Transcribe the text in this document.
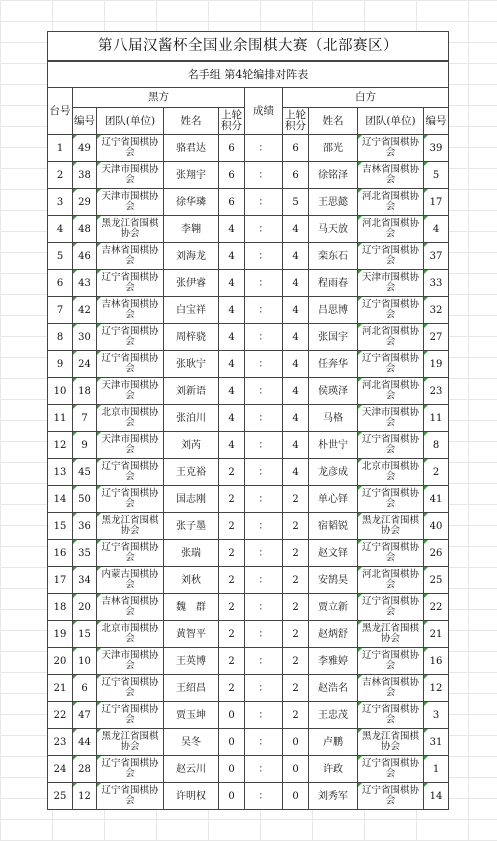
第八届汉酱杯全国业余围棋大赛（北部赛区）									
名手组 第4轮编排对阵表									
台号	黑方				成绩	白方			
	编号	团队(单位)	姓名	上轮积分		上轮积分	姓名	团队(单位)	编号
1	49	辽宁省围棋协会	骆君达	6	：	6	邵光	辽宁省围棋协会	39
2	38	天津市围棋协会	张翔宇	6	：	6	徐铭泽	吉林省围棋协会	5
3	29	天津市围棋协会	徐华璘	6	：	5	王思懿	河北省围棋协会	17
4	48	黑龙江省围棋协会	李翱	4	：	4	马天放	河北省围棋协会	4
5	46	吉林省围棋协会	刘海龙	4	：	4	栾东石	辽宁省围棋协会	37
6	43	辽宁省围棋协会	张伊睿	4	：	4	程雨春	天津市围棋协会	33
7	42	吉林省围棋协会	白宝祥	4	：	4	吕思博	辽宁省围棋协会	32
8	30	辽宁省围棋协会	周梓骁	4	：	4	张国宇	河北省围棋协会	27
9	24	辽宁省围棋协会	张耿宁	4	：	4	任奔华	辽宁省围棋协会	19
10	18	天津市围棋协会	刘新语	4	：	4	侯瑛泽	河北省围棋协会	23
11	7	北京市围棋协会	张泊川	4	：	4	马格	天津市围棋协会	11
12	9	天津市围棋协会	刘芮	4	：	4	朴世宁	辽宁省围棋协会	8
13	45	辽宁省围棋协会	王克裕	2	：	4	龙彦成	北京市围棋协会	2
14	50	辽宁省围棋协会	国志刚	2	：	2	单心铎	辽宁省围棋协会	41
15	36	黑龙江省围棋协会	张子墨	2	：	2	宿韬锐	黑龙江省围棋协会	40
16	35	辽宁省围棋协会	张瑞	2	：	2	赵文铎	辽宁省围棋协会	26
17	34	内蒙古围棋协会	刘秋	2	：	2	安鹄昊	河北省围棋协会	25
18	20	吉林省围棋协会	魏　群	2	：	2	贾立新	辽宁省围棋协会	22
19	15	北京市围棋协会	黄智平	2	：	2	赵炳舒	黑龙江省围棋协会	21
20	10	天津市围棋协会	王英博	2	：	2	李雅婷	辽宁省围棋协会	16
21	6	辽宁省围棋协会	王绍昌	2	：	2	赵浩名	吉林省围棋协会	12
22	47	辽宁省围棋协会	贾玉坤	0	：	2	王忠茂	辽宁省围棋协会	3
23	44	黑龙江省围棋协会	吴冬	0	：	0	卢鹏	黑龙江省围棋协会	31
24	28	辽宁省围棋协会	赵云川	0	：	0	许政	辽宁省围棋协会	1
25	12	辽宁省围棋协会	许明权	0	：	0	刘秀军	辽宁省围棋协会	14
